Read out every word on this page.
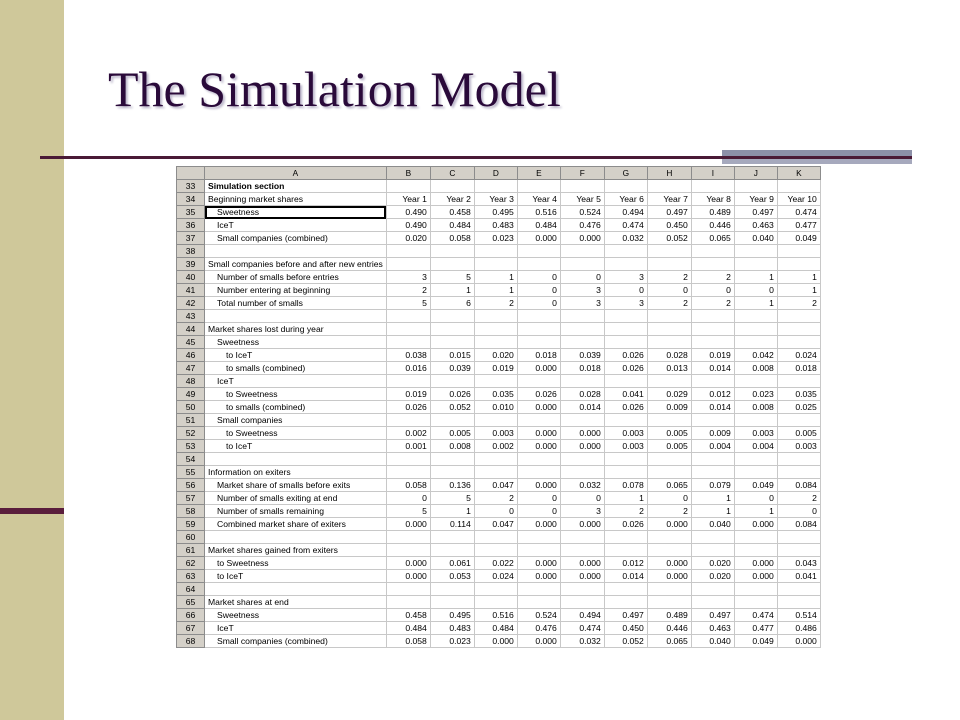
The Simulation Model
	A	B	C	D	E	F	G	H	I	J	K
33	Simulation section										
34	Beginning market shares	Year 1	Year 2	Year 3	Year 4	Year 5	Year 6	Year 7	Year 8	Year 9	Year 10
35	Sweetness	0.490	0.458	0.495	0.516	0.524	0.494	0.497	0.489	0.497	0.474
36	IceT	0.490	0.484	0.483	0.484	0.476	0.474	0.450	0.446	0.463	0.477
37	Small companies (combined)	0.020	0.058	0.023	0.000	0.000	0.032	0.052	0.065	0.040	0.049
38											
39	Small companies before and after new entries										
40	Number of smalls before entries	3	5	1	0	0	3	2	2	1	1
41	Number entering at beginning	2	1	1	0	3	0	0	0	0	1
42	Total number of smalls	5	6	2	0	3	3	2	2	1	2
43											
44	Market shares lost during year										
45	Sweetness										
46	to IceT	0.038	0.015	0.020	0.018	0.039	0.026	0.028	0.019	0.042	0.024
47	to smalls (combined)	0.016	0.039	0.019	0.000	0.018	0.026	0.013	0.014	0.008	0.018
48	IceT										
49	to Sweetness	0.019	0.026	0.035	0.026	0.028	0.041	0.029	0.012	0.023	0.035
50	to smalls (combined)	0.026	0.052	0.010	0.000	0.014	0.026	0.009	0.014	0.008	0.025
51	Small companies										
52	to Sweetness	0.002	0.005	0.003	0.000	0.000	0.003	0.005	0.009	0.003	0.005
53	to IceT	0.001	0.008	0.002	0.000	0.000	0.003	0.005	0.004	0.004	0.003
54											
55	Information on exiters										
56	Market share of smalls before exits	0.058	0.136	0.047	0.000	0.032	0.078	0.065	0.079	0.049	0.084
57	Number of smalls exiting at end	0	5	2	0	0	1	0	1	0	2
58	Number of smalls remaining	5	1	0	0	3	2	2	1	1	0
59	Combined market share of exiters	0.000	0.114	0.047	0.000	0.000	0.026	0.000	0.040	0.000	0.084
60											
61	Market shares gained from exiters										
62	to Sweetness	0.000	0.061	0.022	0.000	0.000	0.012	0.000	0.020	0.000	0.043
63	to IceT	0.000	0.053	0.024	0.000	0.000	0.014	0.000	0.020	0.000	0.041
64											
65	Market shares at end										
66	Sweetness	0.458	0.495	0.516	0.524	0.494	0.497	0.489	0.497	0.474	0.514
67	IceT	0.484	0.483	0.484	0.476	0.474	0.450	0.446	0.463	0.477	0.486
68	Small companies (combined)	0.058	0.023	0.000	0.000	0.032	0.052	0.065	0.040	0.049	0.000
